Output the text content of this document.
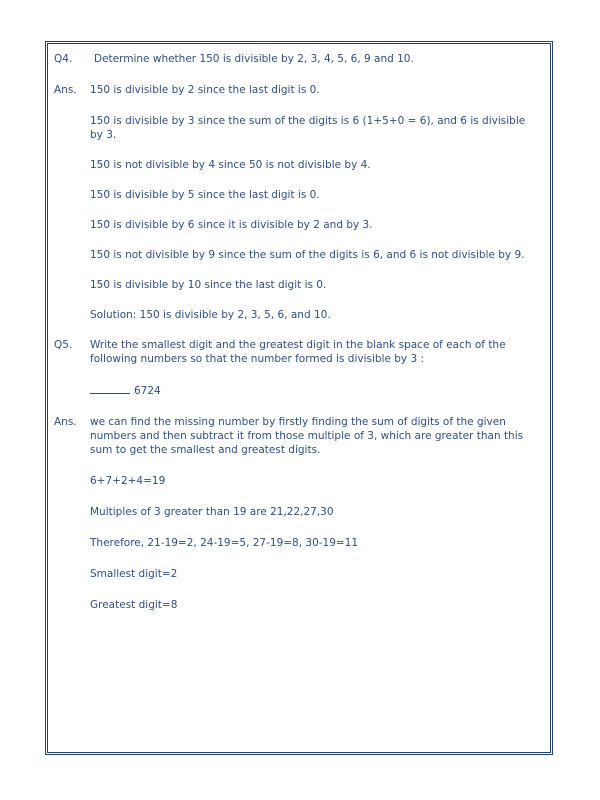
Q4.	Determine whether 150 is divisible by 2, 3, 4, 5, 6, 9 and 10.

Ans.	150 is divisible by 2 since the last digit is 0.

150 is divisible by 3 since the sum of the digits is 6 (1+5+0 = 6), and 6 is divisible by 3.

150 is not divisible by 4 since 50 is not divisible by 4.

150 is divisible by 5 since the last digit is 0.

150 is divisible by 6 since it is divisible by 2 and by 3.

150 is not divisible by 9 since the sum of the digits is 6, and 6 is not divisible by 9.

150 is divisible by 10 since the last digit is 0.

Solution: 150 is divisible by 2, 3, 5, 6, and 10.

Q5.	Write the smallest digit and the greatest digit in the blank space of each of the following numbers so that the number formed is divisible by 3 :

6724

Ans.	we can find the missing number by firstly finding the sum of digits of the given numbers and then subtract it from those multiple of 3, which are greater than this sum to get the smallest and greatest digits.

6+7+2+4=19

Multiples of 3 greater than 19 are 21,22,27,30

Therefore, 21-19=2, 24-19=5, 27-19=8, 30-19=11

Smallest digit=2

Greatest digit=8
